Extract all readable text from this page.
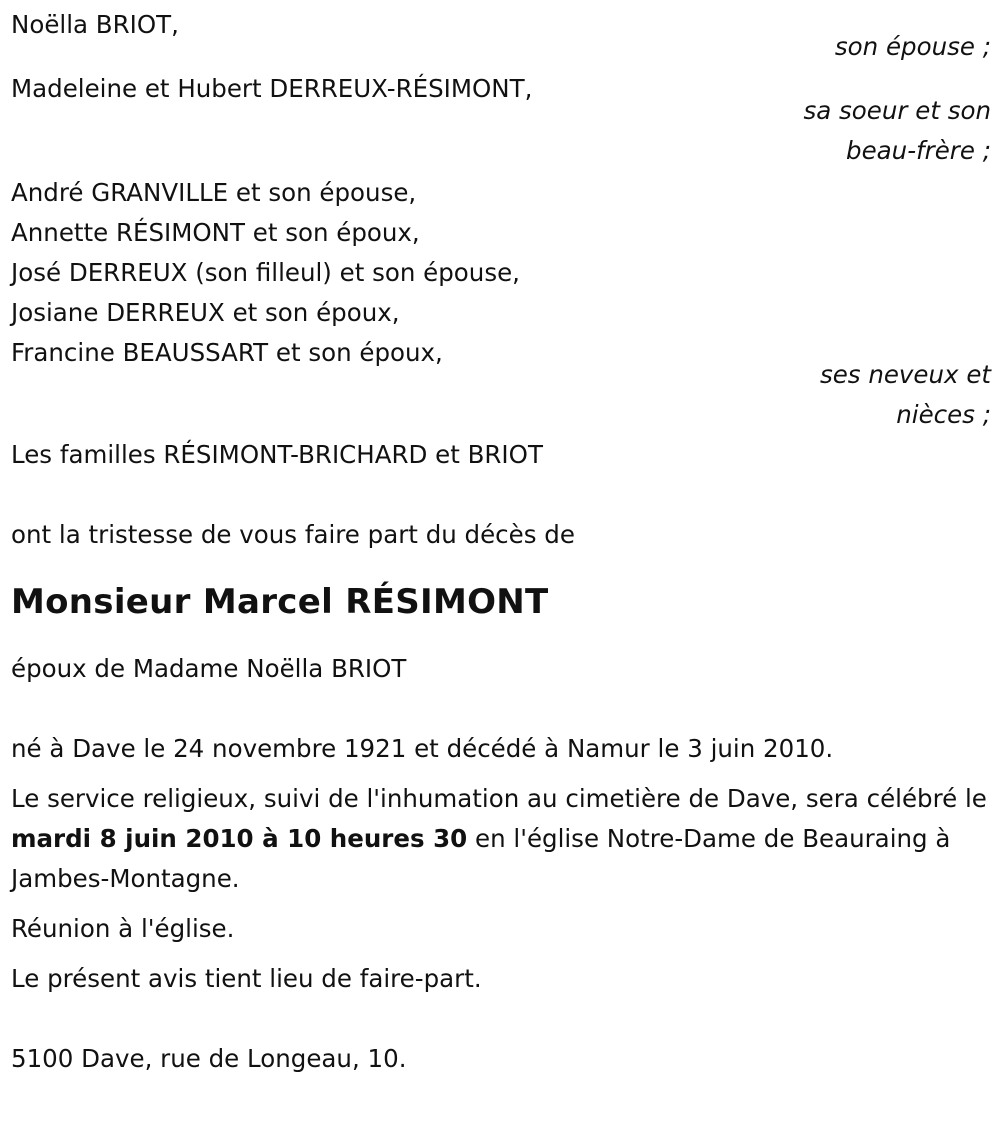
Noëlla BRIOT,
son épouse ;
Madeleine et Hubert DERREUX-RÉSIMONT,
sa soeur et son
beau-frère ;
André GRANVILLE et son épouse,
Annette RÉSIMONT et son époux,
José DERREUX (son filleul) et son épouse,
Josiane DERREUX et son époux,
Francine BEAUSSART et son époux,
ses neveux et
nièces ;
Les familles RÉSIMONT-BRICHARD et BRIOT
ont la tristesse de vous faire part du décès de
Monsieur Marcel RÉSIMONT
époux de Madame Noëlla BRIOT
né à Dave le 24 novembre 1921 et décédé à Namur le 3 juin 2010.
Le service religieux, suivi de l'inhumation au cimetière de Dave, sera célébré le mardi 8 juin 2010 à 10 heures 30 en l'église Notre-Dame de Beauraing à Jambes-Montagne.
Réunion à l'église.
Le présent avis tient lieu de faire-part.
5100 Dave, rue de Longeau, 10.
